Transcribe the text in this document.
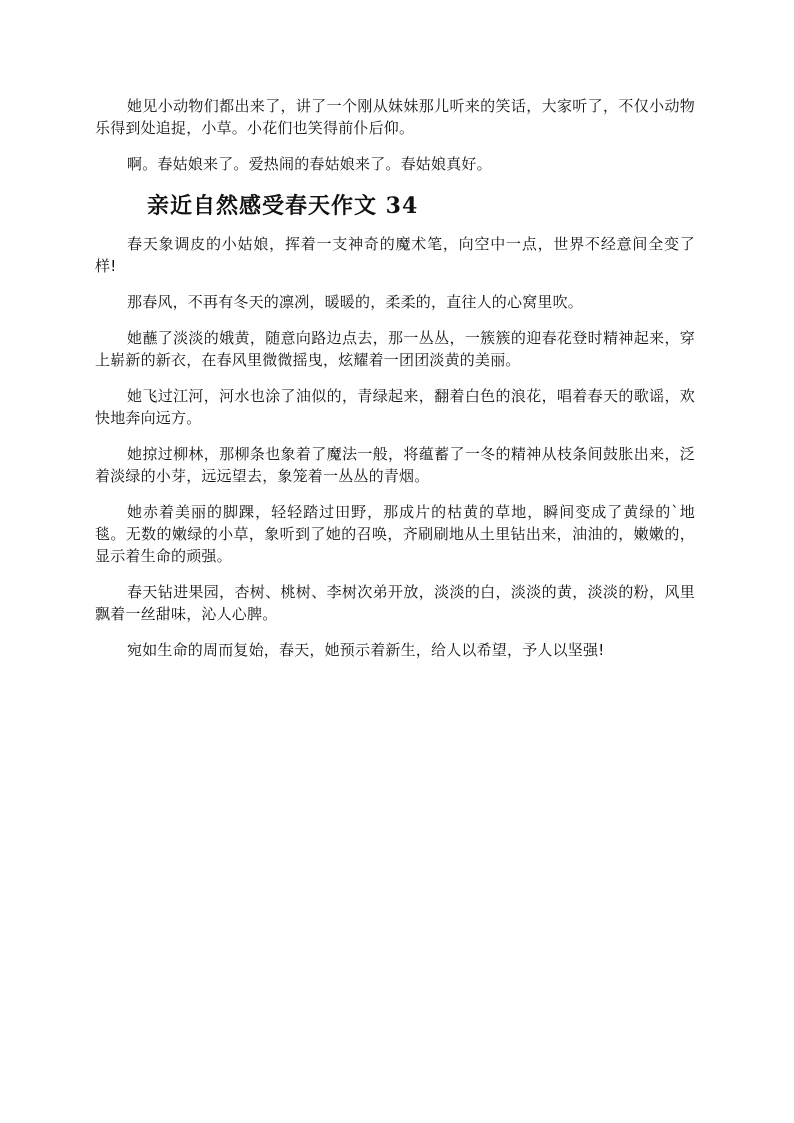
她见小动物们都出来了，讲了一个刚从妹妹那儿听来的笑话，大家听了，不仅小动物乐得到处追捉，小草。小花们也笑得前仆后仰。

啊。春姑娘来了。爱热闹的春姑娘来了。春姑娘真好。

亲近自然感受春天作文 34

春天象调皮的小姑娘，挥着一支神奇的魔术笔，向空中一点，世界不经意间全变了样!

那春风，不再有冬天的凛冽，暖暖的，柔柔的，直往人的心窝里吹。

她蘸了淡淡的娥黄，随意向路边点去，那一丛丛，一簇簇的迎春花登时精神起来，穿上崭新的新衣，在春风里微微摇曳，炫耀着一团团淡黄的美丽。

她飞过江河，河水也涂了油似的，青绿起来，翻着白色的浪花，唱着春天的歌谣，欢快地奔向远方。

她掠过柳林，那柳条也象着了魔法一般，将蕴蓄了一冬的精神从枝条间鼓胀出来，泛着淡绿的小芽，远远望去，象笼着一丛丛的青烟。

她赤着美丽的脚踝，轻轻踏过田野，那成片的枯黄的草地，瞬间变成了黄绿的`地毯。无数的嫩绿的小草，象听到了她的召唤，齐刷刷地从土里钻出来，油油的，嫩嫩的，显示着生命的顽强。

春天钻进果园，杏树、桃树、李树次弟开放，淡淡的白，淡淡的黄，淡淡的粉，风里飘着一丝甜味，沁人心脾。

宛如生命的周而复始，春天，她预示着新生，给人以希望，予人以坚强!
